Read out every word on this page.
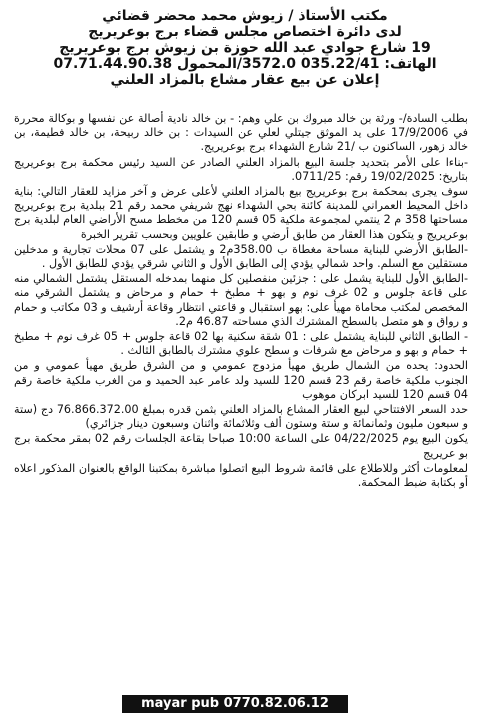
مكتب الأستاذ / زيوش محمد محضر قضائي
لدى دائرة اختصاص مجلس قضاء برج بوعريريج
19 شارع جوادي عبد الله حوزة بن زيوش برج بوعريريج
الهاتف: 035.22/41 3572.0/المحمول 07.71.44.90.38
إعلان عن بيع عقار مشاع بالمزاد العلني

بطلب السادة/- ورثة بن خالد مبروك بن علي وهم: - بن خالد نادية أصالة عن نفسها و بوكالة محررة في 17/9/2006 على يد الموثق جيتلي لعلي عن السيدات : بن خالد ربيحة، بن خالد فطيمة، بن خالد زهور، الساكنون ب /21 شارع الشهداء برج بوعريريج.

-بناءا على الأمر بتحديد جلسة البيع بالمزاد العلني الصادر عن السيد رئيس محكمة برج بوعريريج بتاريخ: 19/02/2025 رقم: 0711/25.

سوف يجرى بمحكمة برج بوعريريج بيع بالمزاد العلني لأعلى عرض و آخر مزايد للعقار التالي: بناية داخل المحيط العمراني للمدينة كائنة بحي الشهداء نهج شريفي محمد رقم 21 ببلدية برج بوعريريج مساحتها 358 م 2 ينتمي لمجموعة ملكية 05 قسم 120 من مخطط مسح الأراضي العام لبلدية برج بوعريريج و يتكون هذا العقار من طابق أرضي و طابقين علويين وبحسب تقرير الخبرة

-الطابق الأرضي للبناية مساحة مغطاة ب 358.00م2 و يشتمل على 07 محلات تجارية و مدخلين مستقلين مع السلم. واحد شمالي يؤدي إلى الطابق الأول و الثاني شرقي يؤدي للطابق الأول .

-الطابق الأول للبناية يشمل على : جزئين منفصلين كل منهما بمدخله المستقل يشتمل الشمالي منه على قاعة جلوس و 02 غرف نوم و بهو + مطبخ + حمام و مرحاض و يشتمل الشرقي منه المخصص لمكتب محاماة مهيأ على: بهو استقبال و قاعتي انتظار وقاعة أرشيف و 03 مكاتب و حمام و رواق و هو متصل بالسطح المشترك الذي مساحته 46.87 م2.

- الطابق الثاني للبناية يشتمل على : 01 شقة سكنية بها 02 قاعة جلوس + 05 غرف نوم + مطبخ + حمام و بهو و مرحاض مع شرفات و سطح علوي مشترك بالطابق الثالث .

الحدود: يحده من الشمال طريق مهيأ مزدوج عمومي و من الشرق طريق مهيأ عمومي و من الجنوب ملكية خاصة رقم 23 قسم 120 للسيد ولد عامر عبد الحميد و من الغرب ملكية خاصة رقم 04 قسم 120 للسيد ابركان موهوب

حدد السعر الافتتاحي لبيع العقار المشاع بالمزاد العلني بثمن قدره بمبلغ 76.866.372.00 دج (ستة و سبعون مليون وثمانمائة و ستة وستون ألف وثلاثمائة واثنان وسبعون دينار جزائري)

يكون البيع يوم 04/22/2025 على الساعة 10:00 صباحا بقاعة الجلسات رقم 02 بمقر محكمة برج بو عريريج

لمعلومات أكثر وللاطلاع على قائمة شروط البيع اتصلوا مباشرة بمكتبنا الواقع بالعنوان المذكور اعلاه أو بكتابة ضبط المحكمة.

mayar pub 0770.82.06.12
